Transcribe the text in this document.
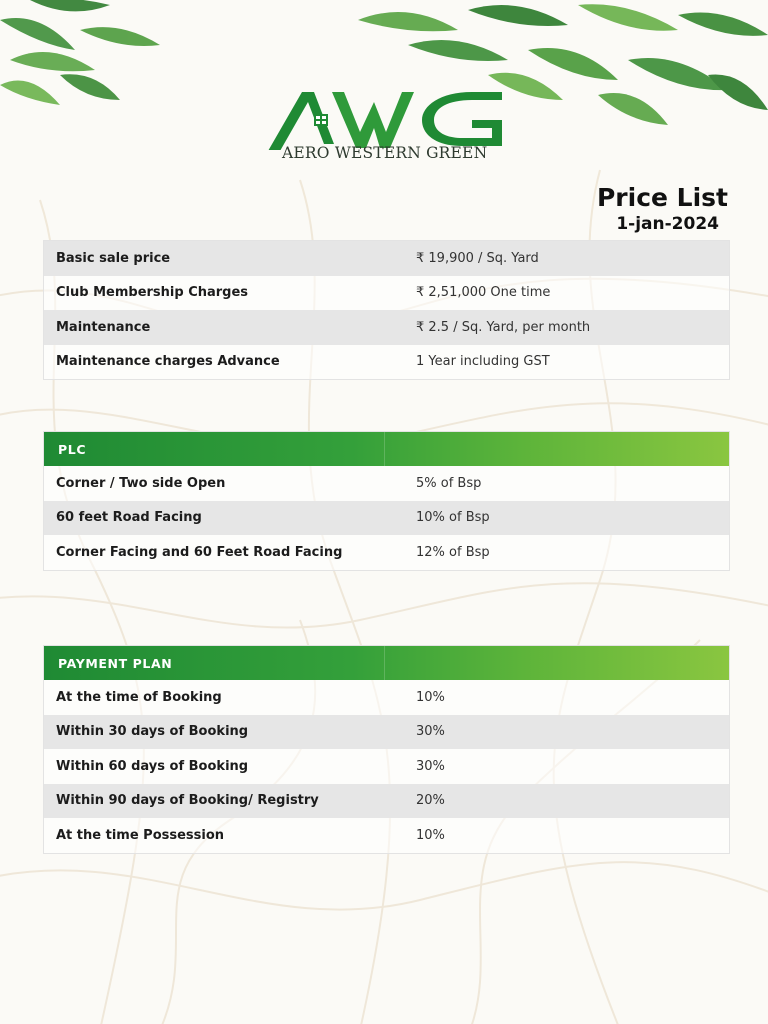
AERO WESTERN GREEN
Price List
1-jan-2024
Basic sale price	₹ 19,900 / Sq. Yard
Club Membership Charges	₹ 2,51,000 One time
Maintenance	₹ 2.5 / Sq. Yard, per month
Maintenance charges Advance	1 Year including GST
PLC
Corner / Two side Open	5% of Bsp
60 feet Road Facing	10% of Bsp
Corner Facing and 60 Feet Road Facing	12% of Bsp
PAYMENT PLAN
At the time of Booking	10%
Within 30 days of Booking	30%
Within 60 days of Booking	30%
Within 90 days of Booking/ Registry	20%
At the time Possession	10%
